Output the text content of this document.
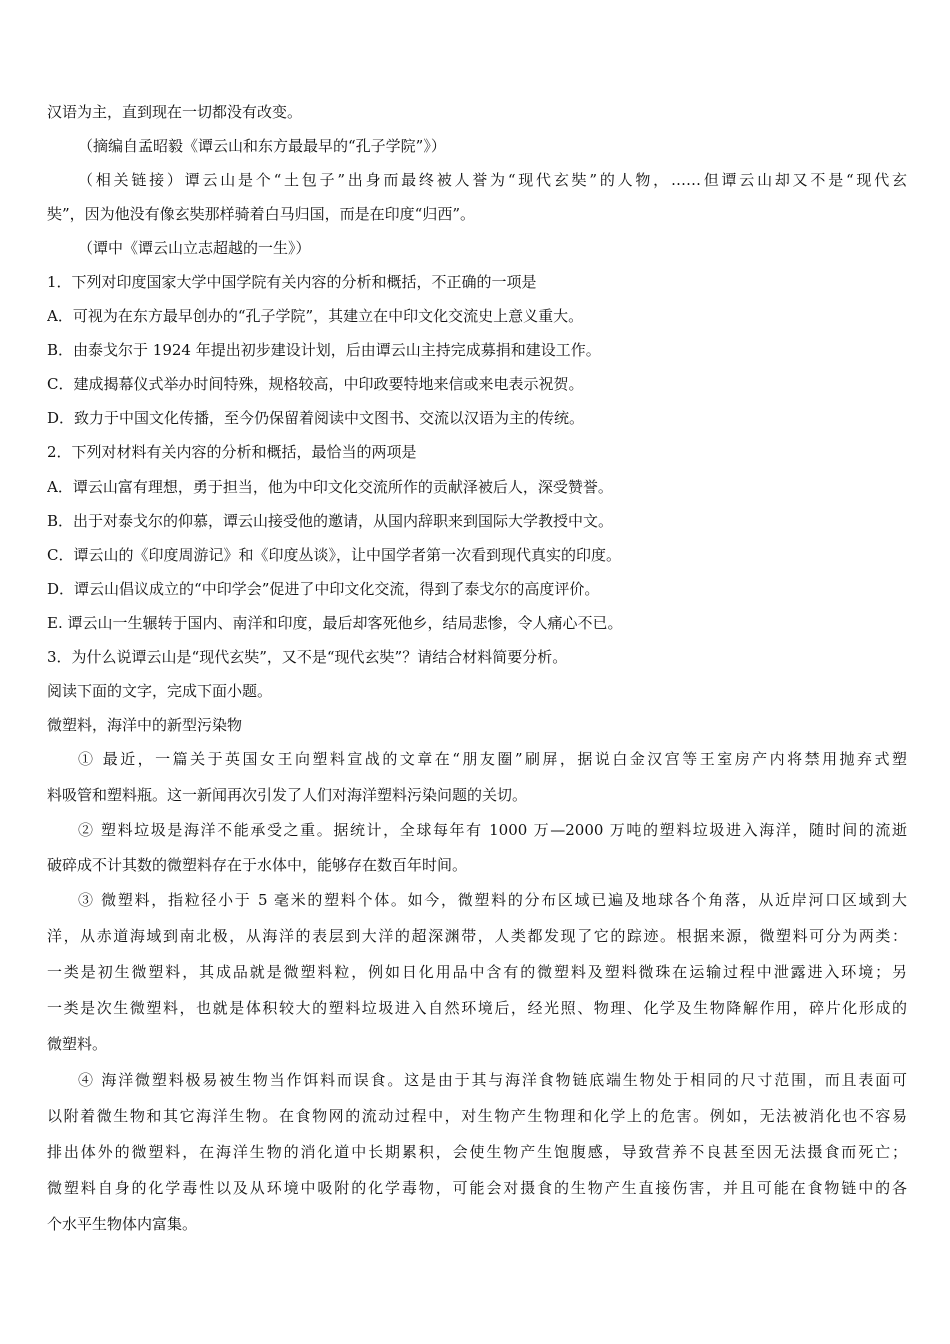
汉语为主，直到现在一切都没有改变。
（摘编自孟昭毅《谭云山和东方最最早的“孔子学院”》）
（相关链接）谭云山是个“土包子”出身而最终被人誉为“现代玄奘”的人物，……但谭云山却又不是“现代玄
奘”，因为他没有像玄奘那样骑着白马归国，而是在印度“归西”。
（谭中《谭云山立志超越的一生》）
1．下列对印度国家大学中国学院有关内容的分析和概括，不正确的一项是
A．可视为在东方最早创办的“孔子学院”，其建立在中印文化交流史上意义重大。
B．由泰戈尔于 1924 年提出初步建设计划，后由谭云山主持完成募捐和建设工作。
C．建成揭幕仪式举办时间特殊，规格较高，中印政要特地来信或来电表示祝贺。
D．致力于中国文化传播，至今仍保留着阅读中文图书、交流以汉语为主的传统。
2．下列对材料有关内容的分析和概括，最恰当的两项是
A．谭云山富有理想，勇于担当，他为中印文化交流所作的贡献泽被后人，深受赞誉。
B．出于对泰戈尔的仰慕，谭云山接受他的邀请，从国内辞职来到国际大学教授中文。
C．谭云山的《印度周游记》和《印度丛谈》，让中国学者第一次看到现代真实的印度。
D．谭云山倡议成立的“中印学会”促进了中印文化交流，得到了泰戈尔的高度评价。
E. 谭云山一生辗转于国内、南洋和印度，最后却客死他乡，结局悲惨，令人痛心不已。
3．为什么说谭云山是“现代玄奘”，又不是“现代玄奘”？请结合材料简要分析。
阅读下面的文字，完成下面小题。
微塑料，海洋中的新型污染物
① 最近，一篇关于英国女王向塑料宣战的文章在“朋友圈”刷屏，据说白金汉宫等王室房产内将禁用抛弃式塑
料吸管和塑料瓶。这一新闻再次引发了人们对海洋塑料污染问题的关切。
② 塑料垃圾是海洋不能承受之重。据统计，全球每年有 1000 万—2000 万吨的塑料垃圾进入海洋，随时间的流逝
破碎成不计其数的微塑料存在于水体中，能够存在数百年时间。
③ 微塑料，指粒径小于 5 毫米的塑料个体。如今，微塑料的分布区域已遍及地球各个角落，从近岸河口区域到大
洋，从赤道海域到南北极，从海洋的表层到大洋的超深渊带，人类都发现了它的踪迹。根据来源，微塑料可分为两类：
一类是初生微塑料，其成品就是微塑料粒，例如日化用品中含有的微塑料及塑料微珠在运输过程中泄露进入环境；另
一类是次生微塑料，也就是体积较大的塑料垃圾进入自然环境后，经光照、物理、化学及生物降解作用，碎片化形成的
微塑料。
④ 海洋微塑料极易被生物当作饵料而误食。这是由于其与海洋食物链底端生物处于相同的尺寸范围，而且表面可
以附着微生物和其它海洋生物。在食物网的流动过程中，对生物产生物理和化学上的危害。例如，无法被消化也不容易
排出体外的微塑料，在海洋生物的消化道中长期累积，会使生物产生饱腹感，导致营养不良甚至因无法摄食而死亡；
微塑料自身的化学毒性以及从环境中吸附的化学毒物，可能会对摄食的生物产生直接伤害，并且可能在食物链中的各
个水平生物体内富集。
